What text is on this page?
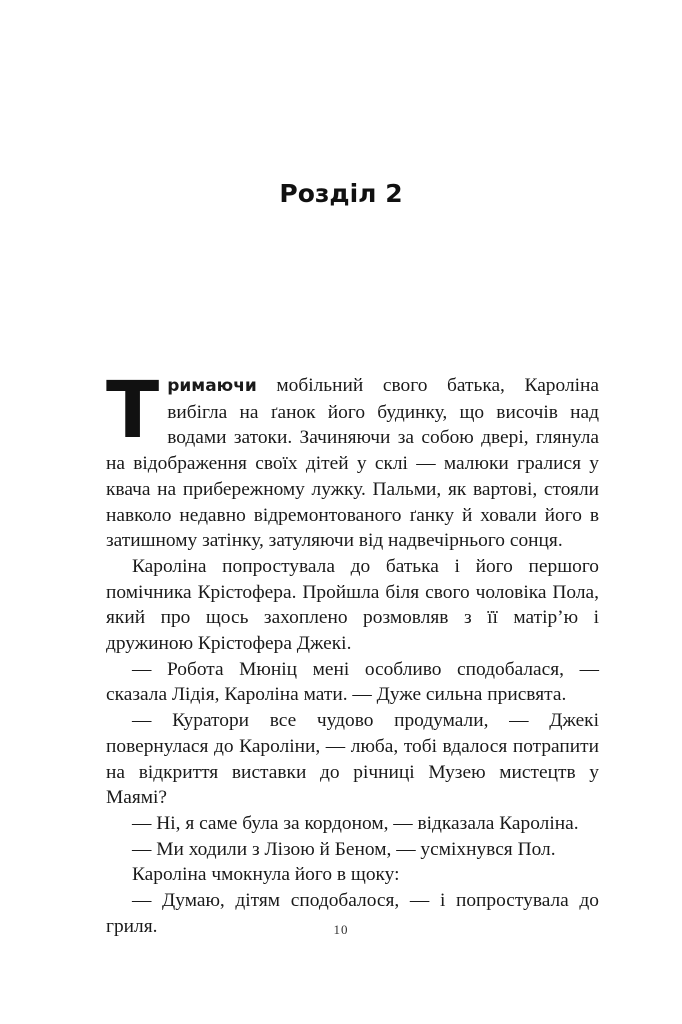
Розділ 2

Тримаючи мобільний свого батька, Кароліна вибігла на ґанок його будинку, що височів над водами затоки. Зачиняючи за собою двері, глянула на відображення своїх дітей у склі — малюки гралися у квача на прибережному лужку. Пальми, як вартові, стояли навколо недавно відремонтованого ґанку й ховали його в затишному затінку, затуляючи від надвечірнього сонця.

Кароліна попростувала до батька і його першого помічника Крістофера. Пройшла біля свого чоловіка Пола, який про щось захоплено розмовляв з її матір’ю і дружиною Крістофера Джекі.

— Робота Мюніц мені особливо сподобалася, — сказала Лідія, Кароліна мати. — Дуже сильна присвята.

— Куратори все чудово продумали, — Джекі повернулася до Кароліни, — люба, тобі вдалося потрапити на відкриття виставки до річниці Музею мистецтв у Маямі?

— Ні, я саме була за кордоном, — відказала Кароліна.

— Ми ходили з Лізою й Беном, — усміхнувся Пол.

Кароліна чмокнула його в щоку:

— Думаю, дітям сподобалося, — і попростувала до гриля.	10
